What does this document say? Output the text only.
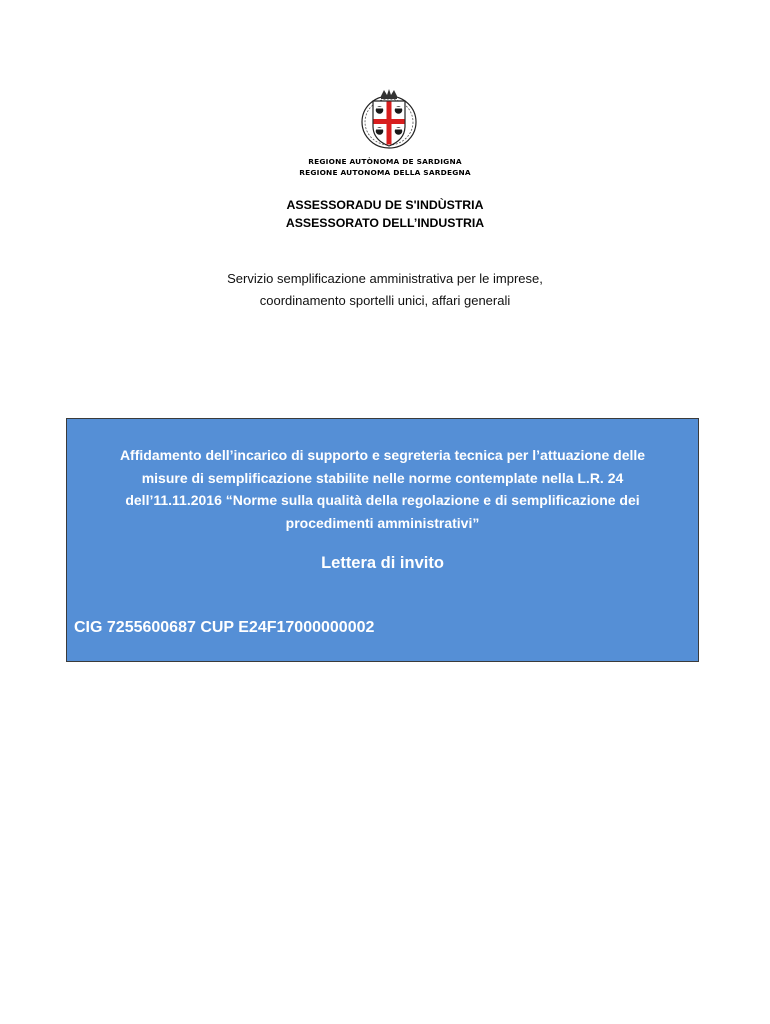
REGIONE AUTÒNOMA DE SARDIGNA
REGIONE AUTONOMA DELLA SARDEGNA
ASSESSORADU DE S'INDÙSTRIA
ASSESSORATO DELL’INDUSTRIA
Servizio semplificazione amministrativa per le imprese,
coordinamento sportelli unici, affari generali
Affidamento dell’incarico di supporto e segreteria tecnica per l’attuazione delle
misure di semplificazione stabilite nelle norme contemplate nella L.R. 24
dell’11.11.2016 “Norme sulla qualità della regolazione e di semplificazione dei
procedimenti amministrativi”
Lettera di invito
CIG 7255600687 CUP E24F17000000002
